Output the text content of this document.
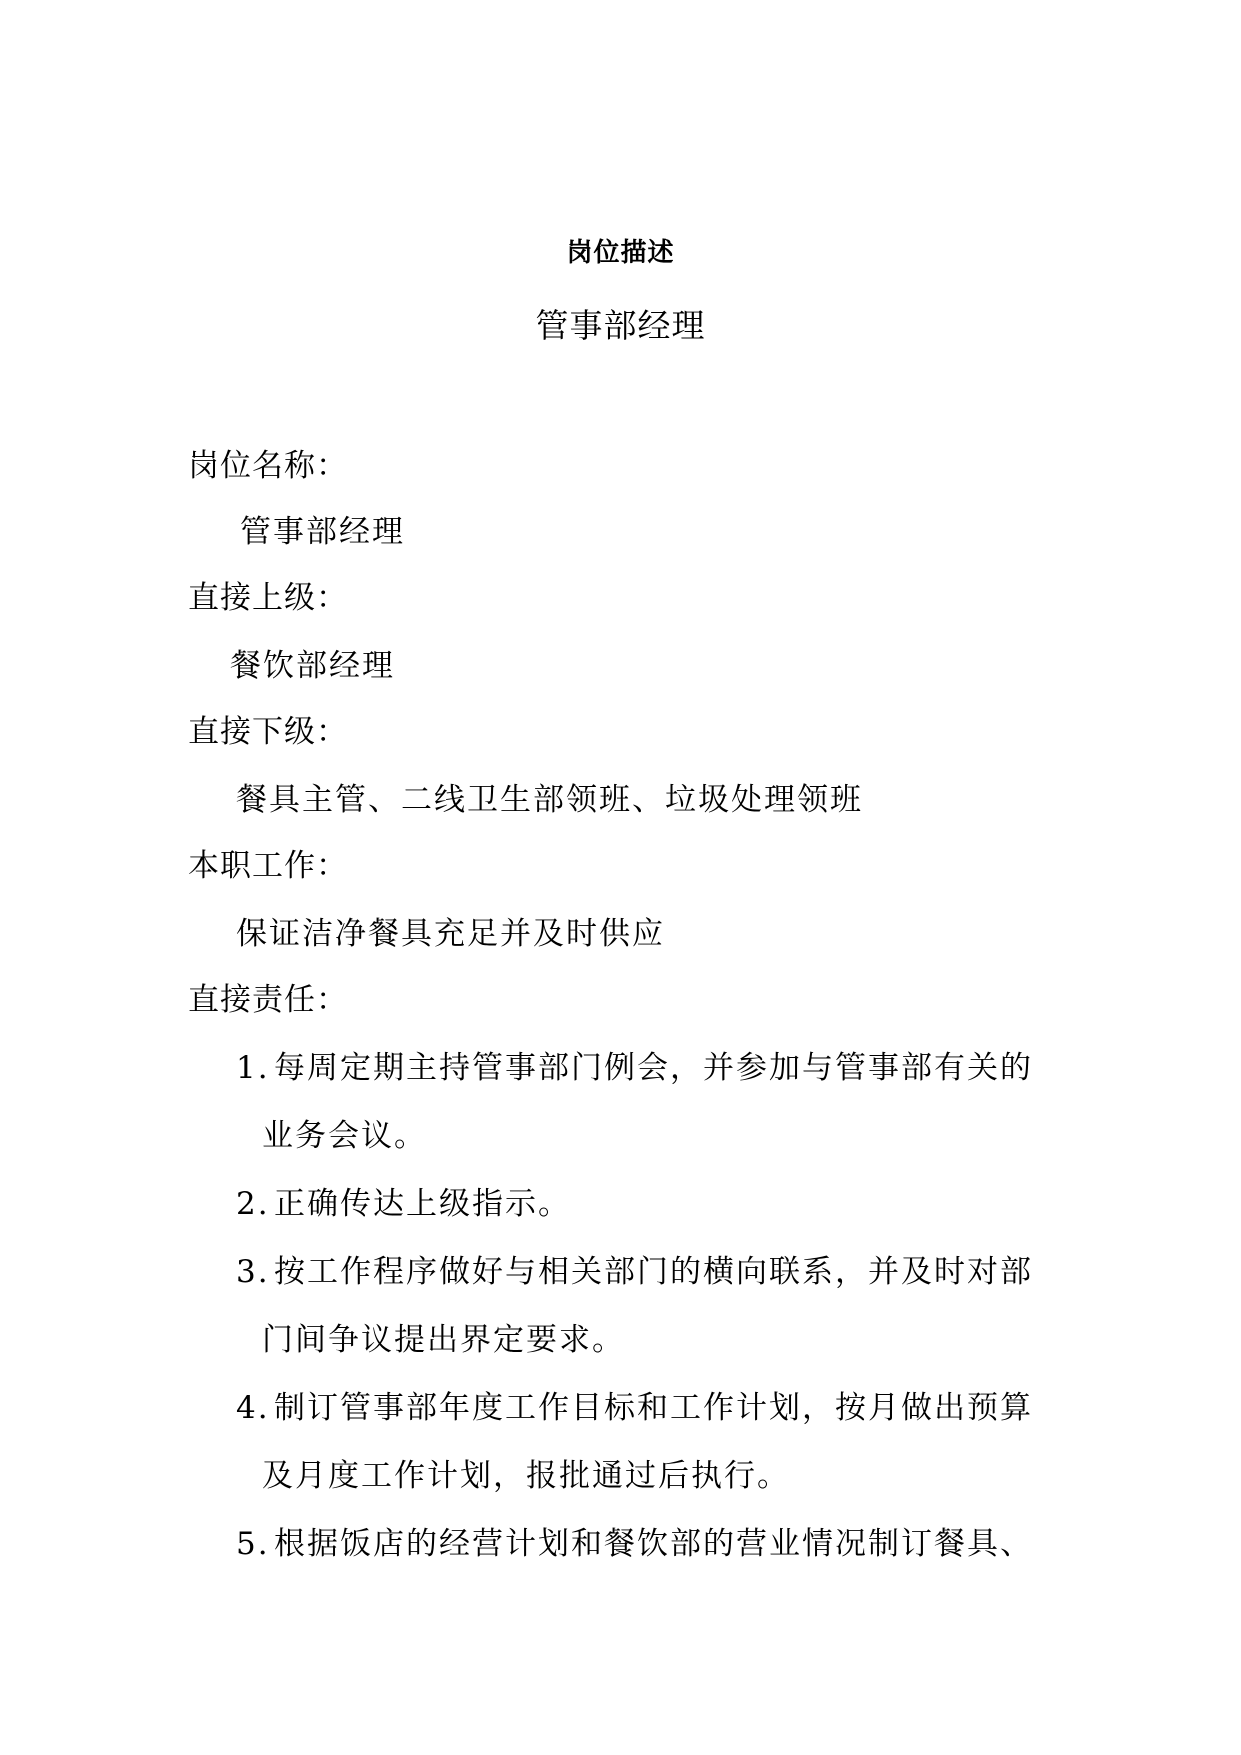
岗位描述
管事部经理
岗位名称：
管事部经理
直接上级：
餐饮部经理
直接下级：
餐具主管、二线卫生部领班、垃圾处理领班
本职工作：
保证洁净餐具充足并及时供应
直接责任：
1. 每周定期主持管事部门例会，并参加与管事部有关的
业务会议。
2. 正确传达上级指示。
3. 按工作程序做好与相关部门的横向联系，并及时对部
门间争议提出界定要求。
4. 制订管事部年度工作目标和工作计划，按月做出预算
及月度工作计划，报批通过后执行。
5. 根据饭店的经营计划和餐饮部的营业情况制订餐具、
